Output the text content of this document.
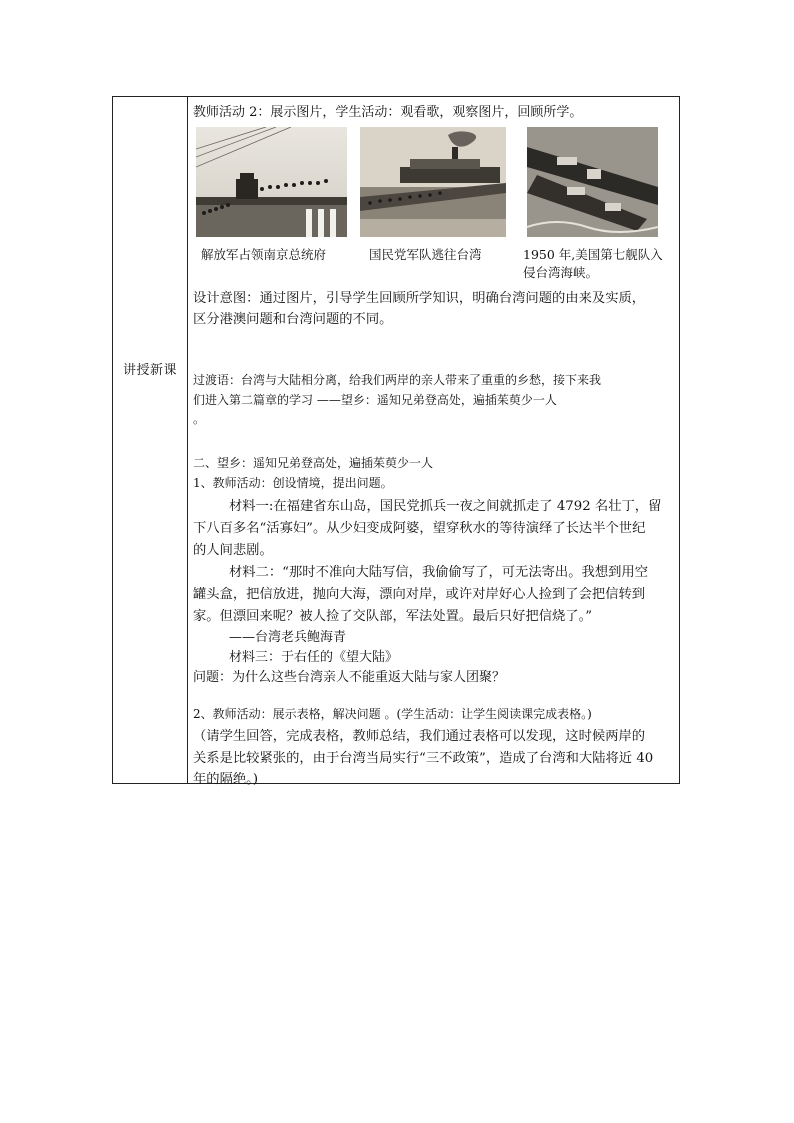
讲授新课
教师活动 2：展示图片，学生活动：观看歌，观察图片，回顾所学。
解放军占领南京总统府	国民党军队逃往台湾	1950 年,美国第七舰队入
侵台湾海峡。
设计意图：通过图片，引导学生回顾所学知识，明确台湾问题的由来及实质，
区分港澳问题和台湾问题的不同。
过渡语：台湾与大陆相分离，给我们两岸的亲人带来了重重的乡愁，接下来我
们进入第二篇章的学习 ——望乡：遥知兄弟登高处，遍插茱萸少一人
。
二、望乡：遥知兄弟登高处，遍插茱萸少一人
1、教师活动：创设情境，提出问题。
材料一:在福建省东山岛，国民党抓兵一夜之间就抓走了 4792 名壮丁，留
下八百多名“活寡妇”。从少妇变成阿婆，望穿秋水的等待演绎了长达半个世纪
的人间悲剧。
材料二：“那时不准向大陆写信，我偷偷写了，可无法寄出。我想到用空
罐头盒，把信放进，抛向大海，漂向对岸，或许对岸好心人捡到了会把信转到
家。但漂回来呢？被人捡了交队部，军法处置。最后只好把信烧了。”
——台湾老兵鲍海青
材料三：于右任的《望大陆》
问题：为什么这些台湾亲人不能重返大陆与家人团聚？
2、教师活动：展示表格，解决问题 。(学生活动：让学生阅读课完成表格。)
（请学生回答，完成表格，教师总结，我们通过表格可以发现，这时候两岸的
关系是比较紧张的，由于台湾当局实行“三不政策”，造成了台湾和大陆将近 40
年的隔绝。)
